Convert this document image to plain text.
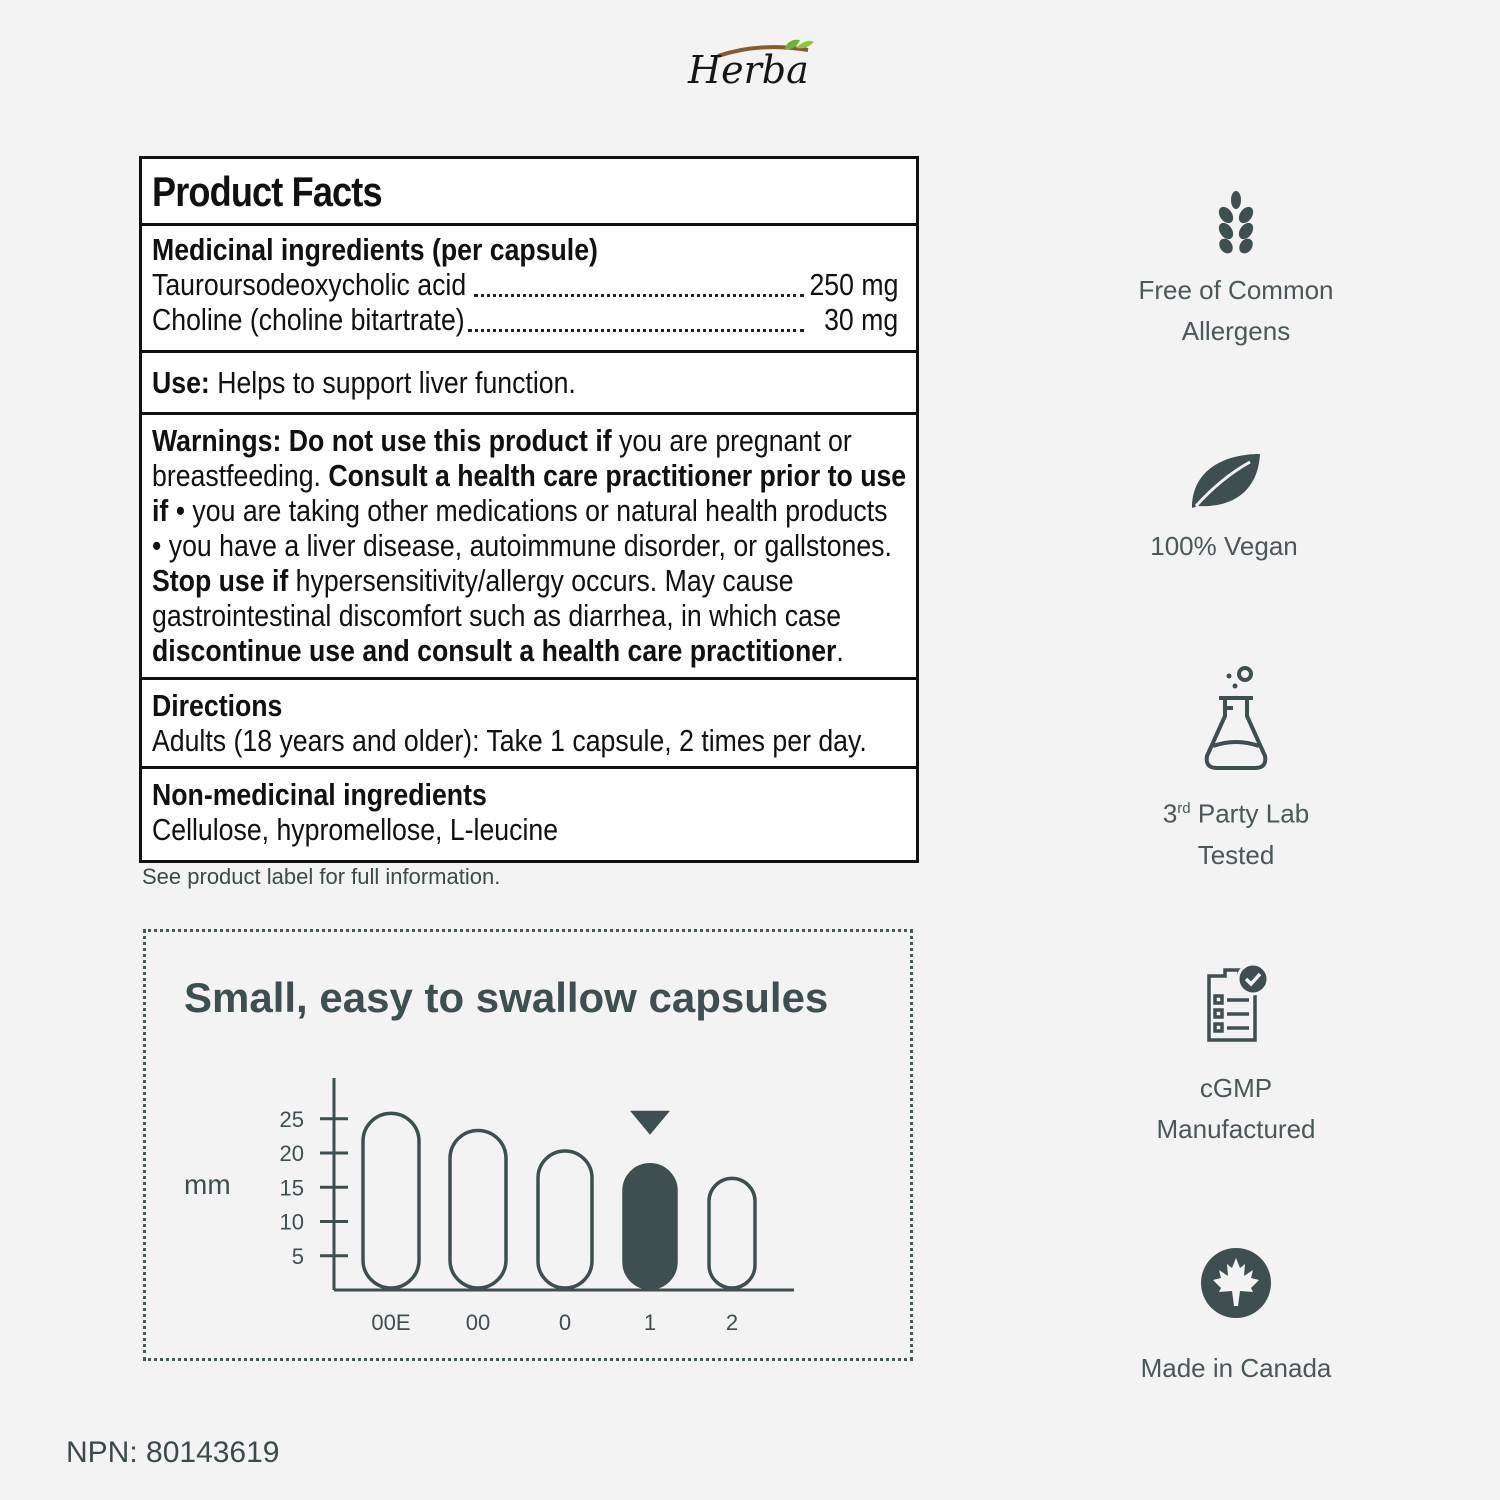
Herba
Product Facts
Medicinal ingredients (per capsule)
Tauroursodeoxycholic acid	250 mg
Choline (choline bitartrate)	30 mg
Use: Helps to support liver function.
Warnings: Do not use this product if you are pregnant or
breastfeeding. Consult a health care practitioner prior to use
if • you are taking other medications or natural health products
• you have a liver disease, autoimmune disorder, or gallstones.
Stop use if hypersensitivity/allergy occurs. May cause
gastrointestinal discomfort such as diarrhea, in which case
discontinue use and consult a health care practitioner.
Directions
Adults (18 years and older): Take 1 capsule, 2 times per day.
Non-medicinal ingredients
Cellulose, hypromellose, L-leucine
See product label for full information.
Small, easy to swallow capsules
mm
25
20
15
10
5
00E	00	0	1	2
Free of Common
Allergens
100% Vegan
3rd Party Lab
Tested
cGMP
Manufactured
Made in Canada
NPN: 80143619
